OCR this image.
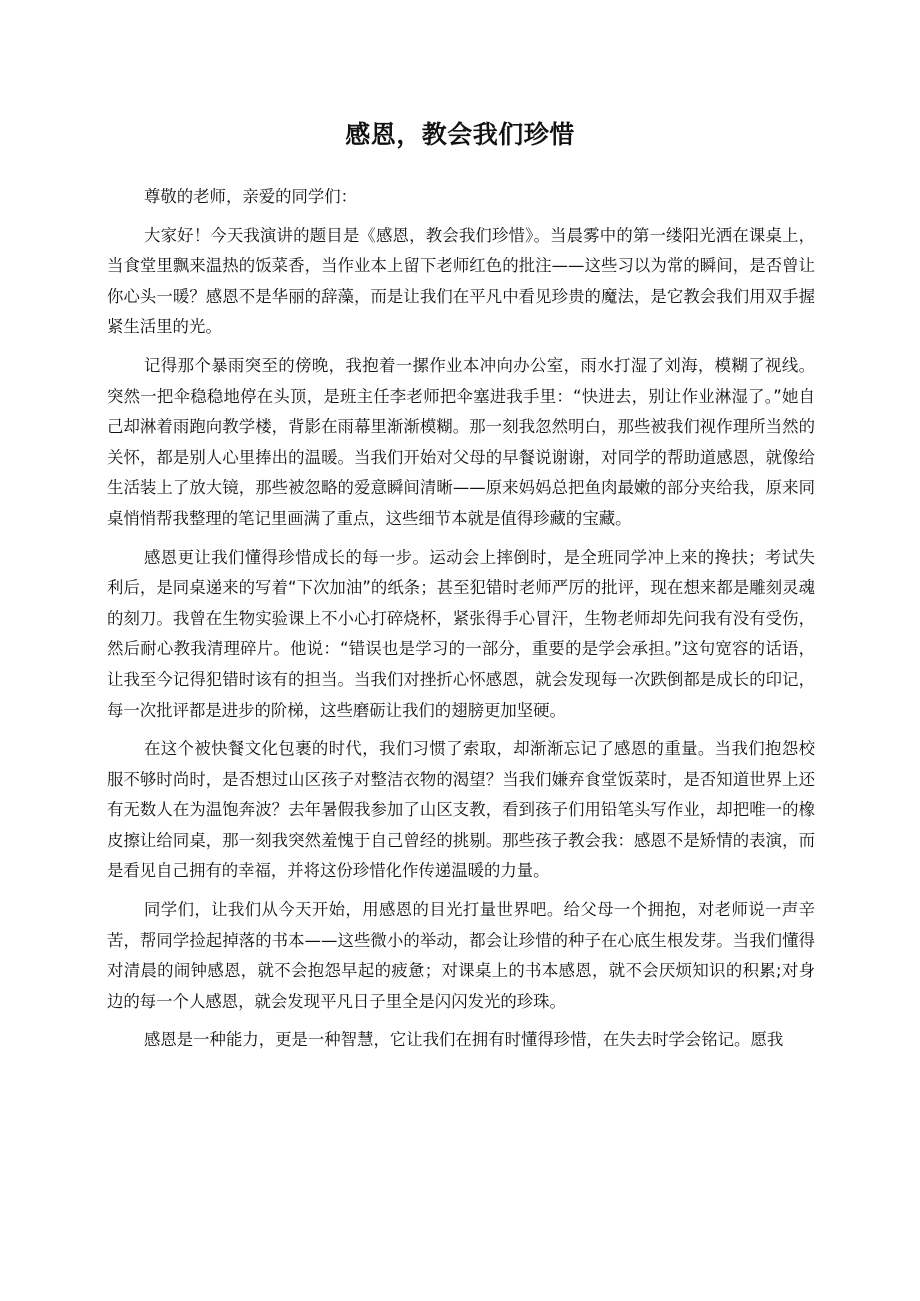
感恩，教会我们珍惜

尊敬的老师，亲爱的同学们：

大家好！今天我演讲的题目是《感恩，教会我们珍惜》。当晨雾中的第一缕阳光洒在课桌上，当食堂里飘来温热的饭菜香，当作业本上留下老师红色的批注——这些习以为常的瞬间，是否曾让你心头一暖？感恩不是华丽的辞藻，而是让我们在平凡中看见珍贵的魔法，是它教会我们用双手握紧生活里的光。

记得那个暴雨突至的傍晚，我抱着一摞作业本冲向办公室，雨水打湿了刘海，模糊了视线。突然一把伞稳稳地停在头顶，是班主任李老师把伞塞进我手里：“快进去，别让作业淋湿了。”她自己却淋着雨跑向教学楼，背影在雨幕里渐渐模糊。那一刻我忽然明白，那些被我们视作理所当然的关怀，都是别人心里捧出的温暖。当我们开始对父母的早餐说谢谢，对同学的帮助道感恩，就像给生活装上了放大镜，那些被忽略的爱意瞬间清晰——原来妈妈总把鱼肉最嫩的部分夹给我，原来同桌悄悄帮我整理的笔记里画满了重点，这些细节本就是值得珍藏的宝藏。

感恩更让我们懂得珍惜成长的每一步。运动会上摔倒时，是全班同学冲上来的搀扶；考试失利后，是同桌递来的写着“下次加油”的纸条；甚至犯错时老师严厉的批评，现在想来都是雕刻灵魂的刻刀。我曾在生物实验课上不小心打碎烧杯，紧张得手心冒汗，生物老师却先问我有没有受伤，然后耐心教我清理碎片。他说：“错误也是学习的一部分，重要的是学会承担。”这句宽容的话语，让我至今记得犯错时该有的担当。当我们对挫折心怀感恩，就会发现每一次跌倒都是成长的印记，每一次批评都是进步的阶梯，这些磨砺让我们的翅膀更加坚硬。

在这个被快餐文化包裹的时代，我们习惯了索取，却渐渐忘记了感恩的重量。当我们抱怨校服不够时尚时，是否想过山区孩子对整洁衣物的渴望？当我们嫌弃食堂饭菜时，是否知道世界上还有无数人在为温饱奔波？去年暑假我参加了山区支教，看到孩子们用铅笔头写作业，却把唯一的橡皮擦让给同桌，那一刻我突然羞愧于自己曾经的挑剔。那些孩子教会我：感恩不是矫情的表演，而是看见自己拥有的幸福，并将这份珍惜化作传递温暖的力量。

同学们，让我们从今天开始，用感恩的目光打量世界吧。给父母一个拥抱，对老师说一声辛苦，帮同学捡起掉落的书本——这些微小的举动，都会让珍惜的种子在心底生根发芽。当我们懂得对清晨的闹钟感恩，就不会抱怨早起的疲惫；对课桌上的书本感恩，就不会厌烦知识的积累;对身边的每一个人感恩，就会发现平凡日子里全是闪闪发光的珍珠。

感恩是一种能力，更是一种智慧，它让我们在拥有时懂得珍惜，在失去时学会铭记。愿我
